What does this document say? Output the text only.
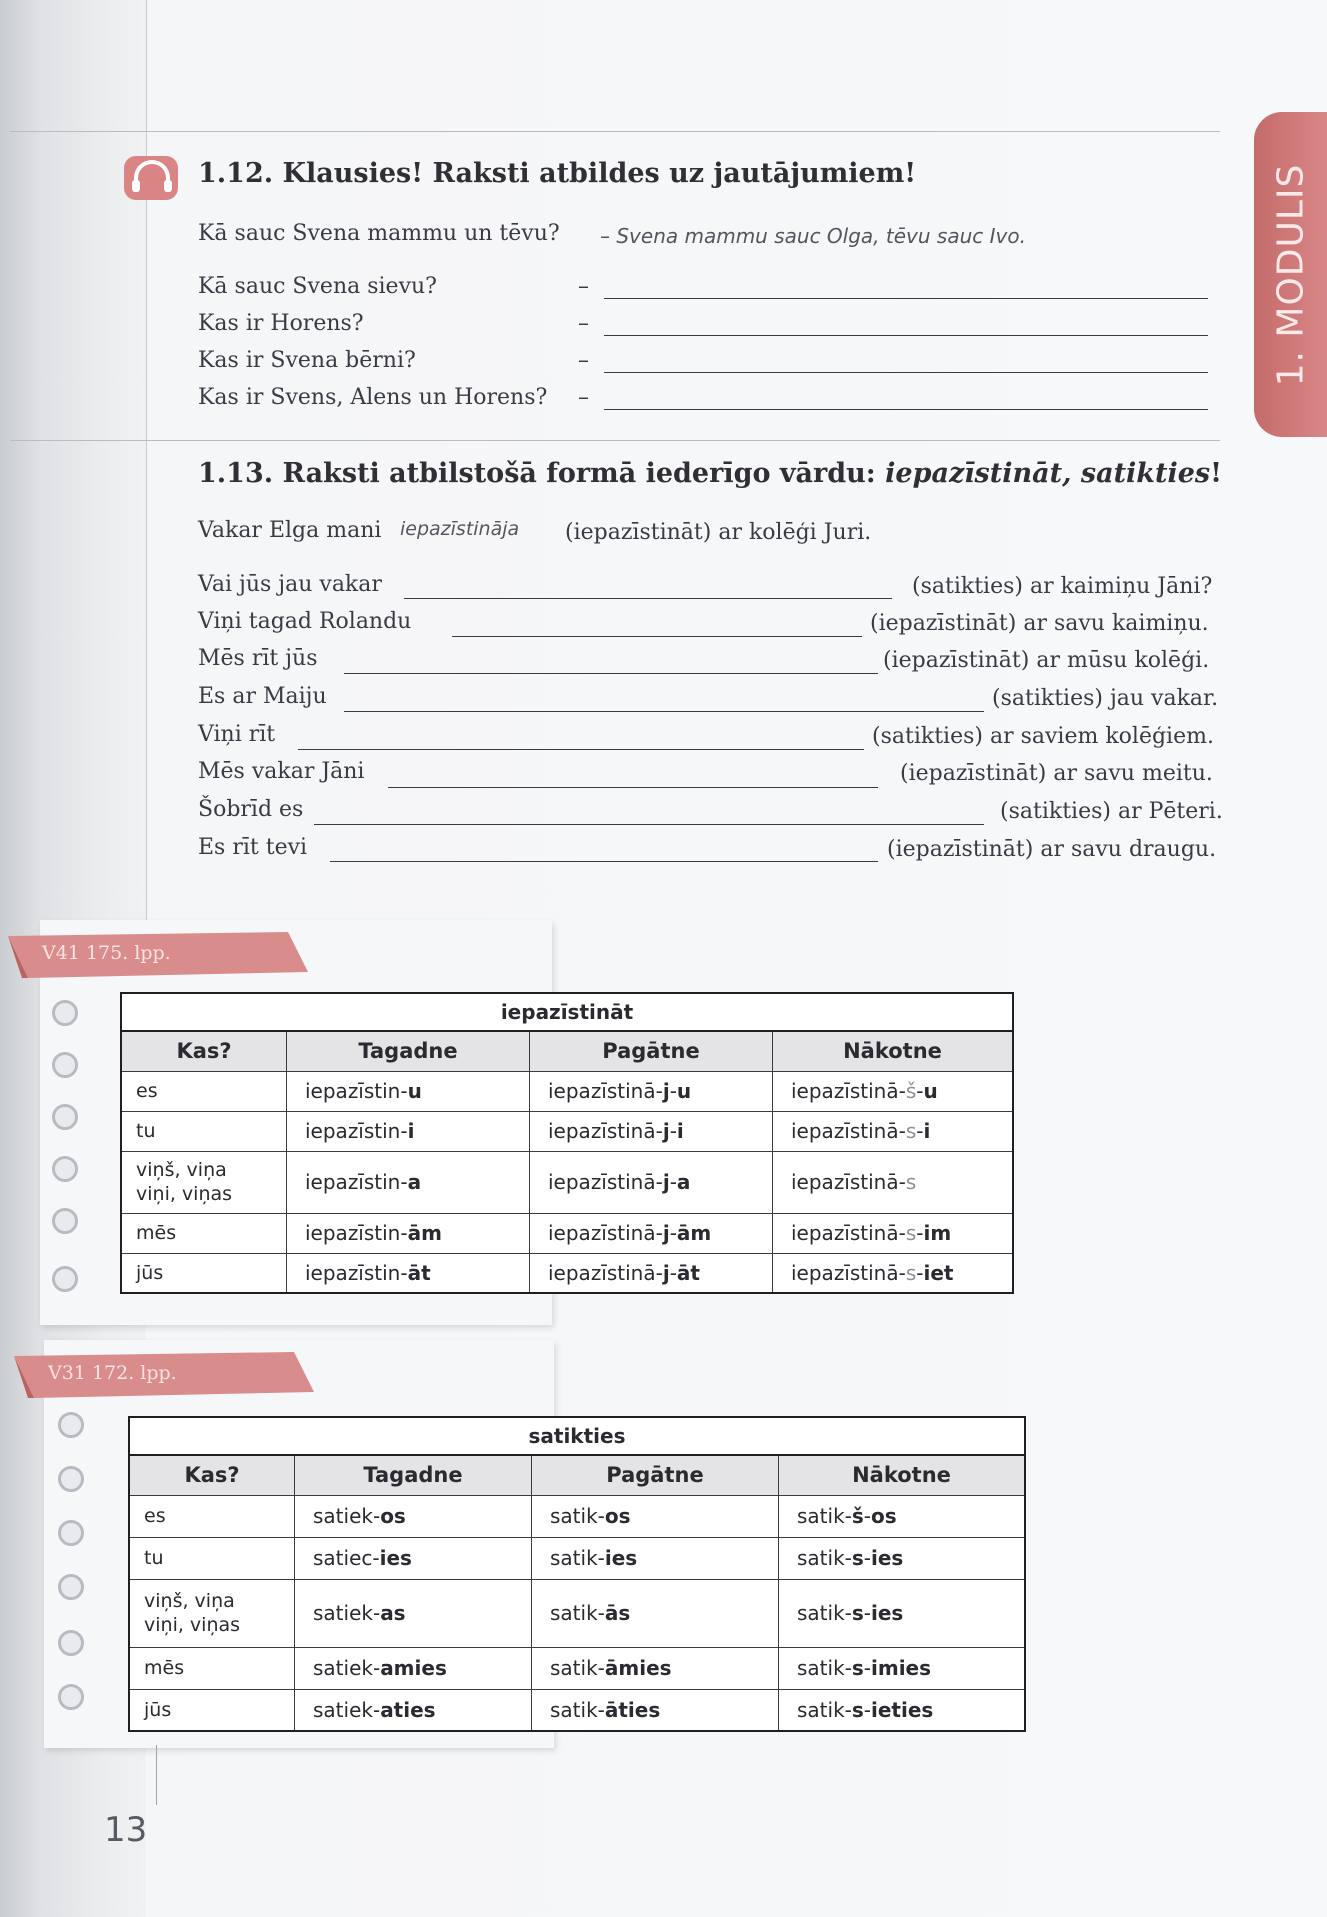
1. MODULIS
1.12. Klausies! Raksti atbildes uz jautājumiem!
Kā sauc Svena mammu un tēvu? – Svena mammu sauc Olga, tēvu sauc Ivo.
Kā sauc Svena sievu?	–
Kas ir Horens?	–
Kas ir Svena bērni?	–
Kas ir Svens, Alens un Horens? –
1.13. Raksti atbilstošā formā iederīgo vārdu: iepazīstināt, satikties!
Vakar Elga mani iepazīstināja (iepazīstināt) ar kolēģi Juri.
Vai jūs jau vakar	(satikties) ar kaimiņu Jāni?
Viņi tagad Rolandu	(iepazīstināt) ar savu kaimiņu.
Mēs rīt jūs	(iepazīstināt) ar mūsu kolēģi.
Es ar Maiju	(satikties) jau vakar.
Viņi rīt	(satikties) ar saviem kolēģiem.
Mēs vakar Jāni	(iepazīstināt) ar savu meitu.
Šobrīd es	(satikties) ar Pēteri.
Es rīt tevi	(iepazīstināt) ar savu draugu.
V41 175. lpp.
iepazīstināt
Kas?	Tagadne	Pagātne	Nākotne
es	iepazīstin-u	iepazīstinā-j-u	iepazīstinā-š-u
tu	iepazīstin-i	iepazīstinā-j-i	iepazīstinā-s-i
viņš, viņa
viņi, viņas	iepazīstin-a	iepazīstinā-j-a	iepazīstinā-s
mēs	iepazīstin-ām	iepazīstinā-j-ām	iepazīstinā-s-im
jūs	iepazīstin-āt	iepazīstinā-j-āt	iepazīstinā-s-iet
V31 172. lpp.
satikties
Kas?	Tagadne	Pagātne	Nākotne
es	satiek-os	satik-os	satik-š-os
tu	satiec-ies	satik-ies	satik-s-ies
viņš, viņa
viņi, viņas	satiek-as	satik-ās	satik-s-ies
mēs	satiek-amies	satik-āmies	satik-s-imies
jūs	satiek-aties	satik-āties	satik-s-ieties
13
